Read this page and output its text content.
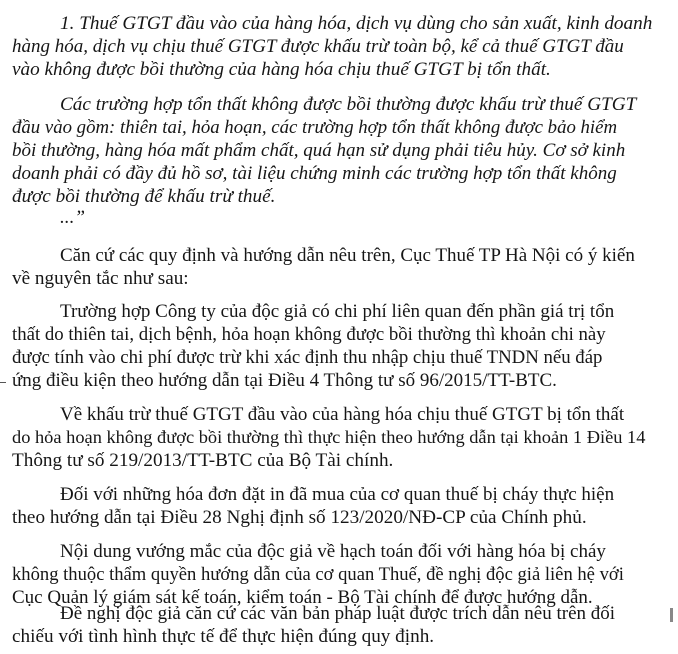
1. Thuế GTGT đầu vào của hàng hóa, dịch vụ dùng cho sản xuất, kinh doanh
hàng hóa, dịch vụ chịu thuế GTGT được khấu trừ toàn bộ, kể cả thuế GTGT đầu
vào không được bồi thường của hàng hóa chịu thuế GTGT bị tổn thất.
Các trường hợp tổn thất không được bồi thường được khấu trừ thuế GTGT
đầu vào gồm: thiên tai, hỏa hoạn, các trường hợp tổn thất không được bảo hiểm
bồi thường, hàng hóa mất phẩm chất, quá hạn sử dụng phải tiêu hủy. Cơ sở kinh
doanh phải có đầy đủ hồ sơ, tài liệu chứng minh các trường hợp tổn thất không
được bồi thường để khấu trừ thuế.
...”
Căn cứ các quy định và hướng dẫn nêu trên, Cục Thuế TP Hà Nội có ý kiến
về nguyên tắc như sau:
Trường hợp Công ty của độc giả có chi phí liên quan đến phần giá trị tổn
thất do thiên tai, dịch bệnh, hỏa hoạn không được bồi thường thì khoản chi này
được tính vào chi phí được trừ khi xác định thu nhập chịu thuế TNDN nếu đáp
ứng điều kiện theo hướng dẫn tại Điều 4 Thông tư số 96/2015/TT-BTC.
Về khấu trừ thuế GTGT đầu vào của hàng hóa chịu thuế GTGT bị tổn thất
do hỏa hoạn không được bồi thường thì thực hiện theo hướng dẫn tại khoản 1 Điều 14
Thông tư số 219/2013/TT-BTC của Bộ Tài chính.
Đối với những hóa đơn đặt in đã mua của cơ quan thuế bị cháy thực hiện
theo hướng dẫn tại Điều 28 Nghị định số 123/2020/NĐ-CP của Chính phủ.
Nội dung vướng mắc của độc giả về hạch toán đối với hàng hóa bị cháy
không thuộc thẩm quyền hướng dẫn của cơ quan Thuế, đề nghị độc giả liên hệ với
Cục Quản lý giám sát kế toán, kiểm toán - Bộ Tài chính để được hướng dẫn.
Đề nghị độc giả căn cứ các văn bản pháp luật được trích dẫn nêu trên đối
chiếu với tình hình thực tế để thực hiện đúng quy định.
